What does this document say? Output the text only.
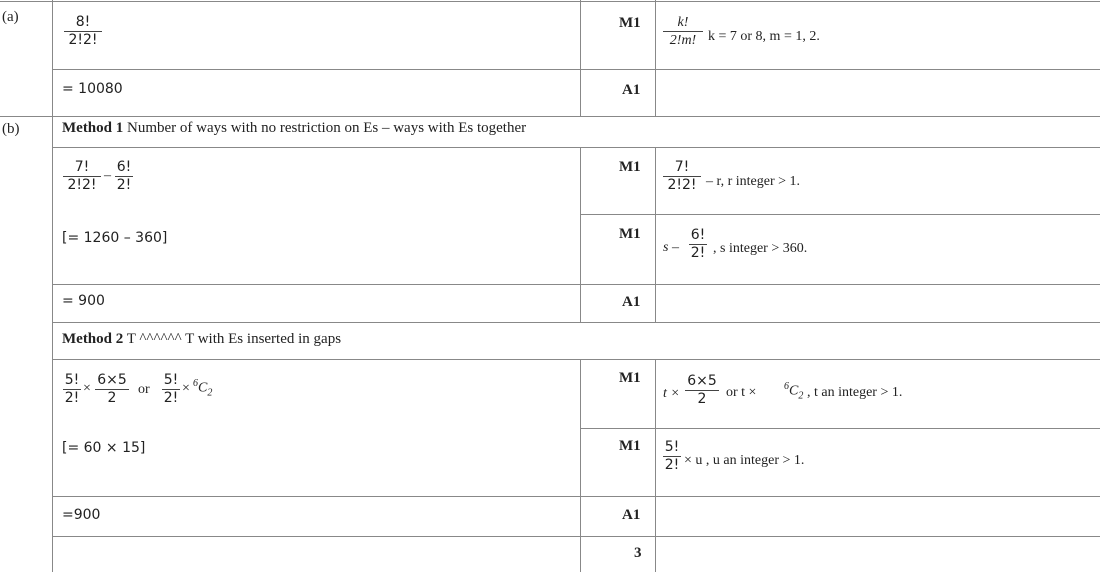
(a)
(b)
8!
2!2!
= 10080
M1
A1
k!
2!m! k = 7 or 8, m = 1, 2.
Method 1 Number of ways with no restriction on Es – ways with Es together
7!
2!2!
–
6!
2!
[= 1260 – 360]
= 900
M1
M1
A1
7!
2!2! – r, r integer > 1.
s –
6!
2! , s integer > 360.
Method 2 T ^^^^^^ T with Es inserted in gaps
5!
2!
×
6×5
2
or
5!
2!
× $^6C_2$
[= 60 × 15]
=900
M1
M1
A1
3
t ×
6×5
2	or t ×	$^6C_2$ , t an integer > 1.
5!
2! × u , u an integer > 1.
